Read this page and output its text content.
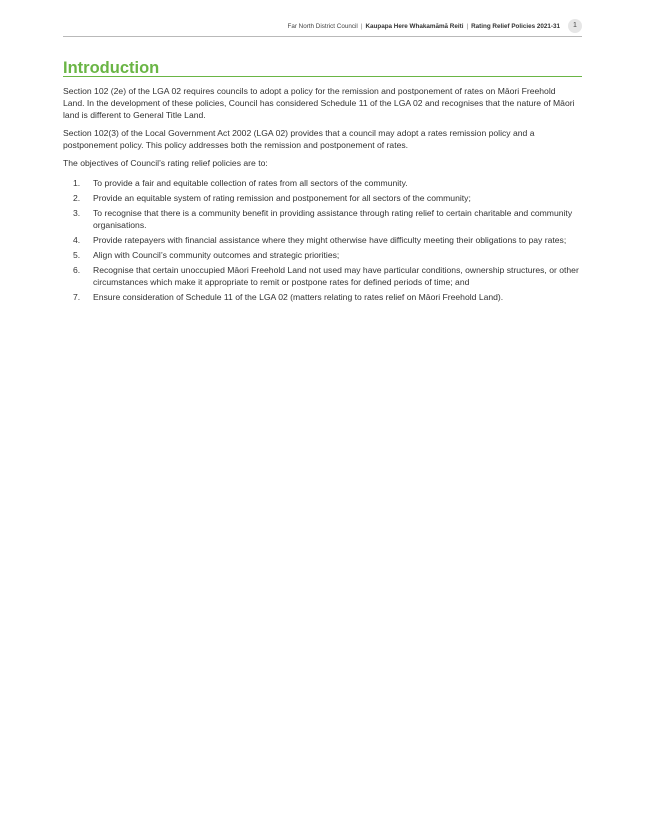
Far North District Council | Kaupapa Here Whakamāmā Reiti | Rating Relief Policies 2021-31	1
Introduction

Section 102 (2e) of the LGA 02 requires councils to adopt a policy for the remission and postponement of rates on Māori Freehold Land. In the development of these policies, Council has considered Schedule 11 of the LGA 02 and recognises that the nature of Māori land is different to General Title Land.

Section 102(3) of the Local Government Act 2002 (LGA 02) provides that a council may adopt a rates remission policy and a postponement policy. This policy addresses both the remission and postponement of rates.

The objectives of Council’s rating relief policies are to:

1. To provide a fair and equitable collection of rates from all sectors of the community.
2. Provide an equitable system of rating remission and postponement for all sectors of the community;
3. To recognise that there is a community benefit in providing assistance through rating relief to certain charitable and community organisations.
4. Provide ratepayers with financial assistance where they might otherwise have difficulty meeting their obligations to pay rates;
5. Align with Council’s community outcomes and strategic priorities;
6. Recognise that certain unoccupied Māori Freehold Land not used may have particular conditions, ownership structures, or other circumstances which make it appropriate to remit or postpone rates for defined periods of time; and
7. Ensure consideration of Schedule 11 of the LGA 02 (matters relating to rates relief on Māori Freehold Land).
